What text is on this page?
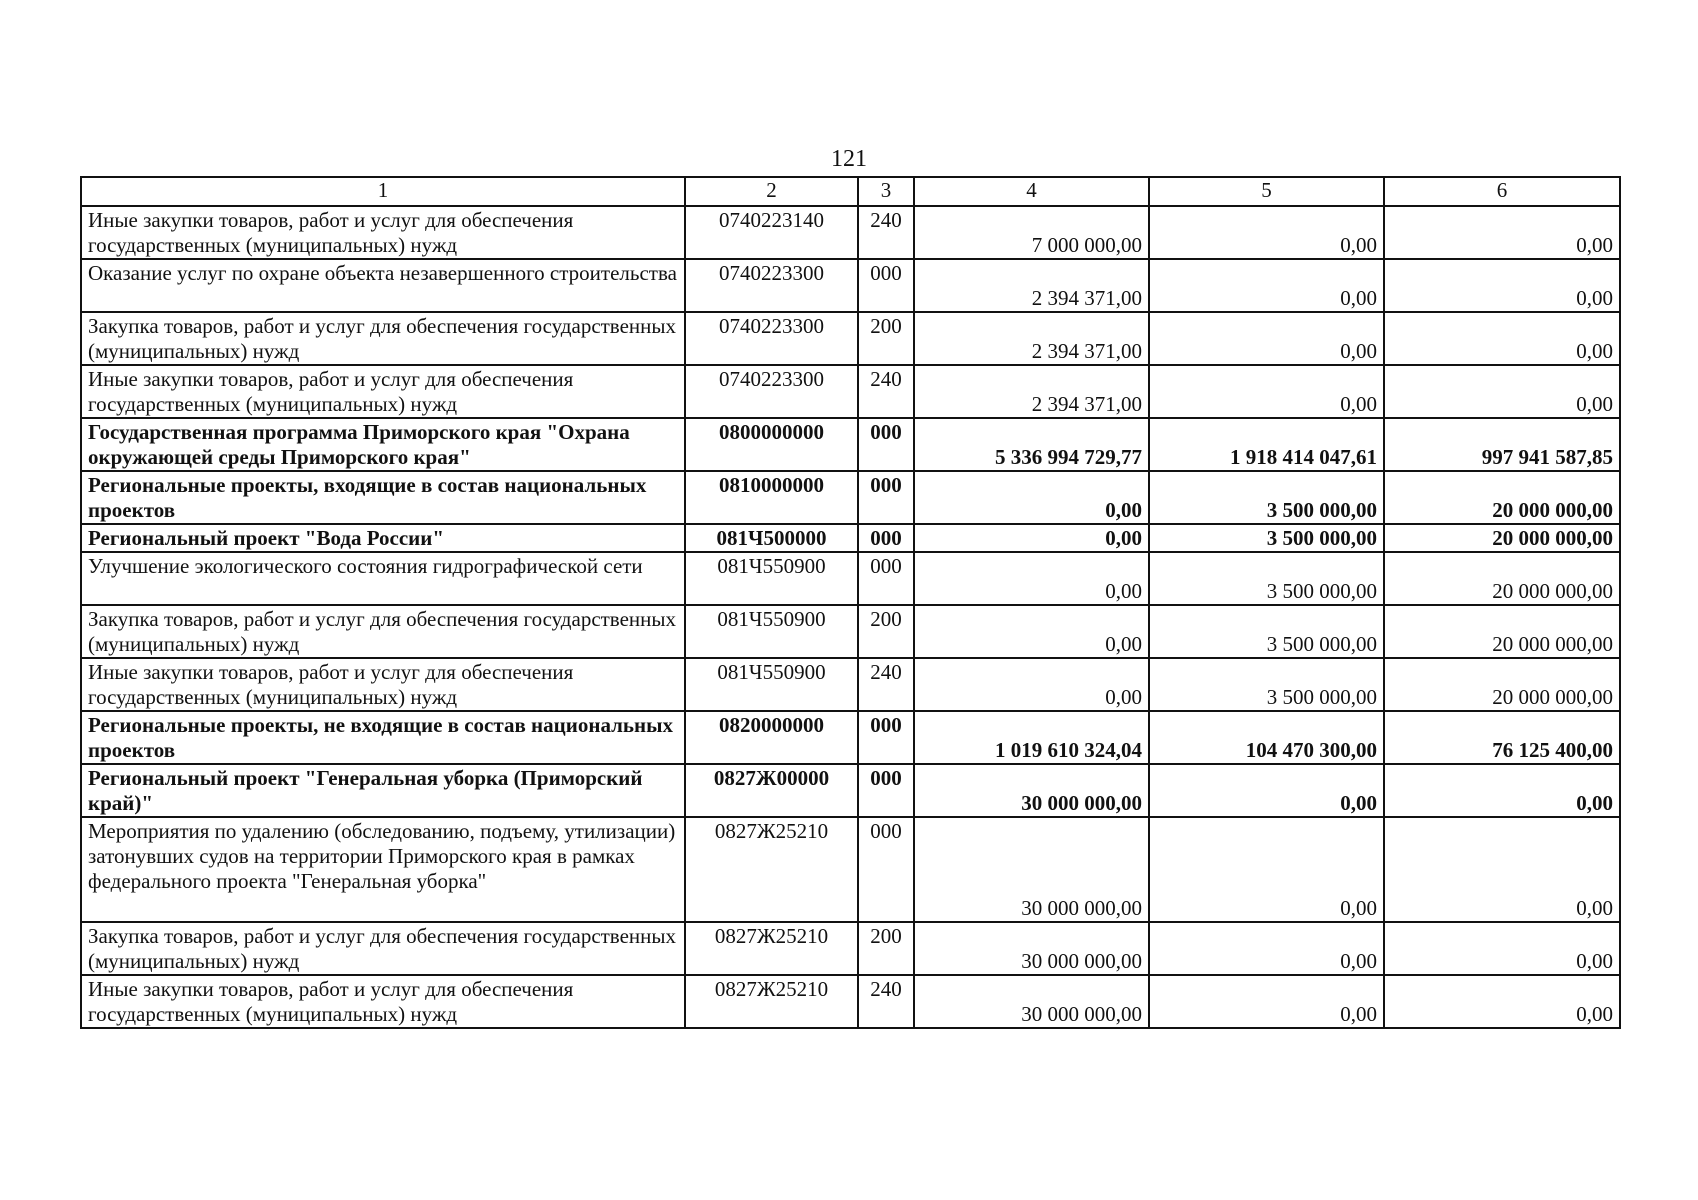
121
1	2	3	4	5	6
Иные закупки товаров, работ и услуг для обеспечения государственных (муниципальных) нужд	0740223140	240	7 000 000,00	0,00	0,00
Оказание услуг по охране объекта незавершенного строительства	0740223300	000	2 394 371,00	0,00	0,00
Закупка товаров, работ и услуг для обеспечения государственных (муниципальных) нужд	0740223300	200	2 394 371,00	0,00	0,00
Иные закупки товаров, работ и услуг для обеспечения государственных (муниципальных) нужд	0740223300	240	2 394 371,00	0,00	0,00
Государственная программа Приморского края "Охрана окружающей среды Приморского края"	0800000000	000	5 336 994 729,77	1 918 414 047,61	997 941 587,85
Региональные проекты, входящие в состав национальных проектов	0810000000	000	0,00	3 500 000,00	20 000 000,00
Региональный проект "Вода России"	081Ч500000	000	0,00	3 500 000,00	20 000 000,00
Улучшение экологического состояния гидрографической сети	081Ч550900	000	0,00	3 500 000,00	20 000 000,00
Закупка товаров, работ и услуг для обеспечения государственных (муниципальных) нужд	081Ч550900	200	0,00	3 500 000,00	20 000 000,00
Иные закупки товаров, работ и услуг для обеспечения государственных (муниципальных) нужд	081Ч550900	240	0,00	3 500 000,00	20 000 000,00
Региональные проекты, не входящие в состав национальных проектов	0820000000	000	1 019 610 324,04	104 470 300,00	76 125 400,00
Региональный проект "Генеральная уборка (Приморский край)"	0827Ж00000	000	30 000 000,00	0,00	0,00
Мероприятия по удалению (обследованию, подъему, утилизации) затонувших судов на территории Приморского края в рамках федерального проекта "Генеральная уборка"	0827Ж25210	000	30 000 000,00	0,00	0,00
Закупка товаров, работ и услуг для обеспечения государственных (муниципальных) нужд	0827Ж25210	200	30 000 000,00	0,00	0,00
Иные закупки товаров, работ и услуг для обеспечения государственных (муниципальных) нужд	0827Ж25210	240	30 000 000,00	0,00	0,00
